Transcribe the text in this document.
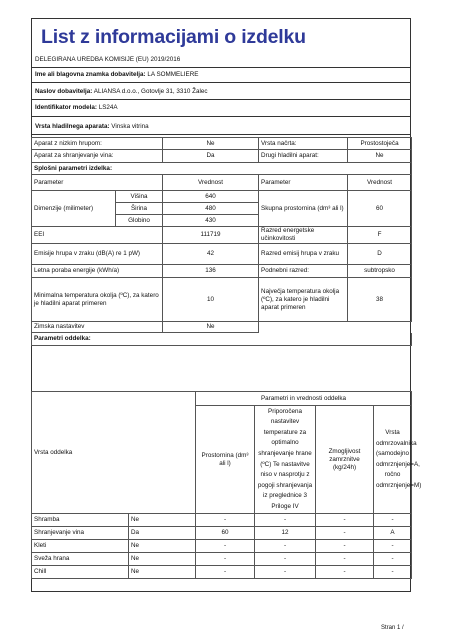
List z informacijami o izdelku
DELEGIRANA UREDBA KOMISIJE (EU) 2019/2016
Ime ali blagovna znamka dobavitelja: LA SOMMELIERE
Naslov dobavitelja: ALIANSA d.o.o., Gotovlje 31, 3310 Žalec
Identifikator modela: LS24A
Vrsta hladilnega aparata: Vinska vitrina
Aparat z nizkim hrupom:		Ne	Vrsta načrta:	Prostostoječa
Aparat za shranjevanje vina:		Da	Drugi hladilni aparat:	Ne
Splošni parametri izdelka:				
Parameter		Vrednost	Parameter	Vrednost
Dimenzije (milimeter)	Višina	640	Skupna prostornina (dm³ ali l)	60
	Širina	480		
	Globino	430		
EEI		111719	Razred energetske učinkovitosti	F
Emisije hrupa v zraku (dB(A) re 1 pW)		42	Razred emisij hrupa v zraku	D
Letna poraba energije (kWh/a)		136	Podnebni razred:	subtropsko
Minimalna temperatura okolja (ºC), za katero je hladilni aparat primeren		10	Največja temperatura okolja (ºC), za katero je hladilni aparat primeren	38
Zimska nastavitev		Ne		
Parametri oddelka:				
Vrsta oddelka		Parametri in vrednosti oddelka			
		Prostornina (dm³ ali l)	Priporočena nastavitev temperature za optimalno shranjevanje hrane (ºC) Te nastavitve niso v nasprotju z pogoji shranjevanja iz preglednice 3 Priloge IV	Zmogljivost zamrznitve (kg/24h)	Vrsta odmrzovalnika (samodejno odmrznjenje=A, ročno odmrznjenje=M)
Shramba	Ne	-	-	-	-
Shranjevanje vina	Da	60	12	-	A
Kleti	Ne	-	-	-	-
Sveža hrana	Ne	-	-	-	-
Chill	Ne	-	-	-	-
Stran 1 /
